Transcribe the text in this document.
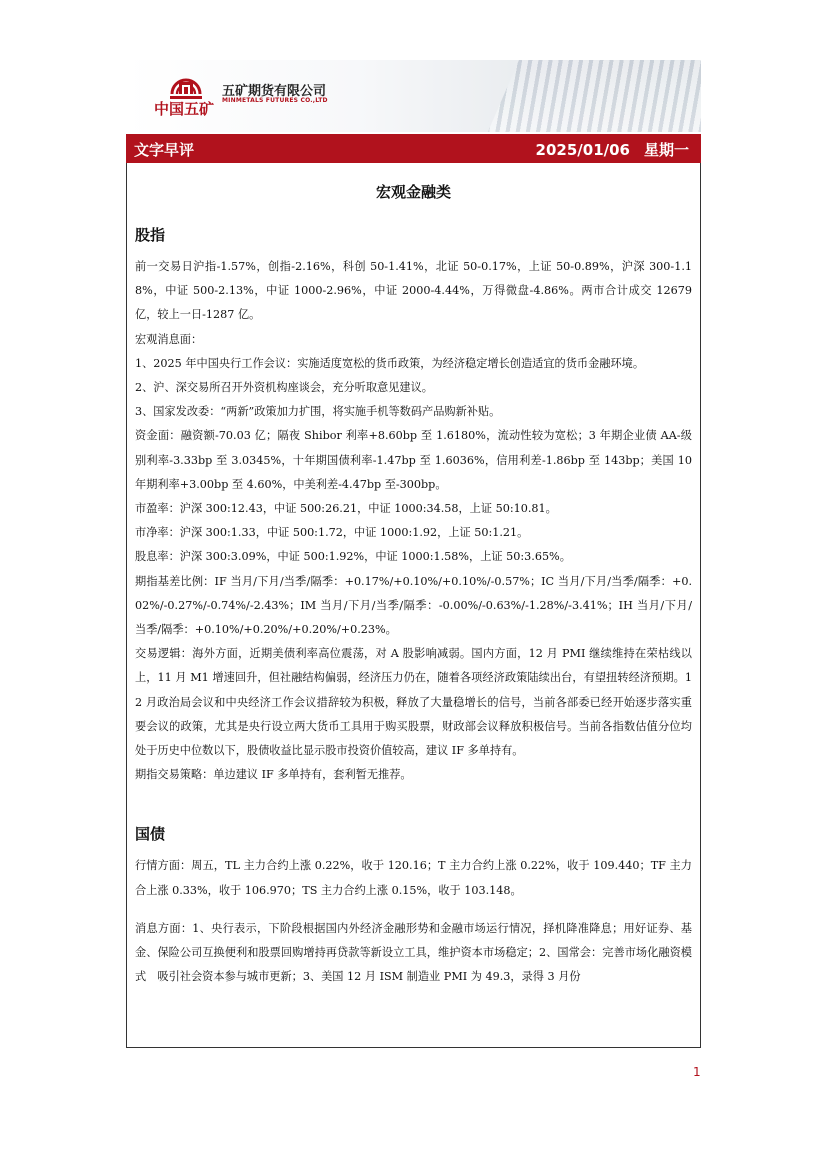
中国五矿
五矿期货有限公司
MINMETALS FUTURES CO.,LTD
文字早评	2025/01/06 星期一
宏观金融类
股指
前一交易日沪指-1.57%，创指-2.16%，科创 50-1.41%，北证 50-0.17%，上证 50-0.89%，沪深 300-1.18%，中证 500-2.13%，中证 1000-2.96%，中证 2000-4.44%，万得微盘-4.86%。两市合计成交 12679 亿，较上一日-1287 亿。
宏观消息面：
1、2025 年中国央行工作会议：实施适度宽松的货币政策，为经济稳定增长创造适宜的货币金融环境。
2、沪、深交易所召开外资机构座谈会，充分听取意见建议。
3、国家发改委：“两新”政策加力扩围，将实施手机等数码产品购新补贴。
资金面：融资额-70.03 亿；隔夜 Shibor 利率+8.60bp 至 1.6180%，流动性较为宽松；3 年期企业债 AA-级别利率-3.33bp 至 3.0345%，十年期国债利率-1.47bp 至 1.6036%，信用利差-1.86bp 至 143bp；美国 10 年期利率+3.00bp 至 4.60%，中美利差-4.47bp 至-300bp。
市盈率：沪深 300:12.43，中证 500:26.21，中证 1000:34.58，上证 50:10.81。
市净率：沪深 300:1.33，中证 500:1.72，中证 1000:1.92，上证 50:1.21。
股息率：沪深 300:3.09%，中证 500:1.92%，中证 1000:1.58%，上证 50:3.65%。
期指基差比例：IF 当月/下月/当季/隔季：+0.17%/+0.10%/+0.10%/-0.57%；IC 当月/下月/当季/隔季：+0.02%/-0.27%/-0.74%/-2.43%；IM 当月/下月/当季/隔季：-0.00%/-0.63%/-1.28%/-3.41%；IH 当月/下月/当季/隔季：+0.10%/+0.20%/+0.20%/+0.23%。
交易逻辑：海外方面，近期美债利率高位震荡，对 A 股影响减弱。国内方面，12 月 PMI 继续维持在荣枯线以上，11 月 M1 增速回升，但社融结构偏弱，经济压力仍在，随着各项经济政策陆续出台，有望扭转经济预期。12 月政治局会议和中央经济工作会议措辞较为积极，释放了大量稳增长的信号，当前各部委已经开始逐步落实重要会议的政策，尤其是央行设立两大货币工具用于购买股票，财政部会议释放积极信号。当前各指数估值分位均处于历史中位数以下，股债收益比显示股市投资价值较高，建议 IF 多单持有。
期指交易策略：单边建议 IF 多单持有，套利暂无推荐。
国债
行情方面：周五，TL 主力合约上涨 0.22%，收于 120.16；T 主力合约上涨 0.22%，收于 109.440；TF 主力合上涨 0.33%，收于 106.970；TS 主力合约上涨 0.15%，收于 103.148。
消息方面：1、央行表示，下阶段根据国内外经济金融形势和金融市场运行情况，择机降准降息；用好证券、基金、保险公司互换便利和股票回购增持再贷款等新设立工具，维护资本市场稳定；2、国常会：完善市场化融资模式　吸引社会资本参与城市更新；3、美国 12 月 ISM 制造业 PMI 为 49.3，录得 3 月份
1
